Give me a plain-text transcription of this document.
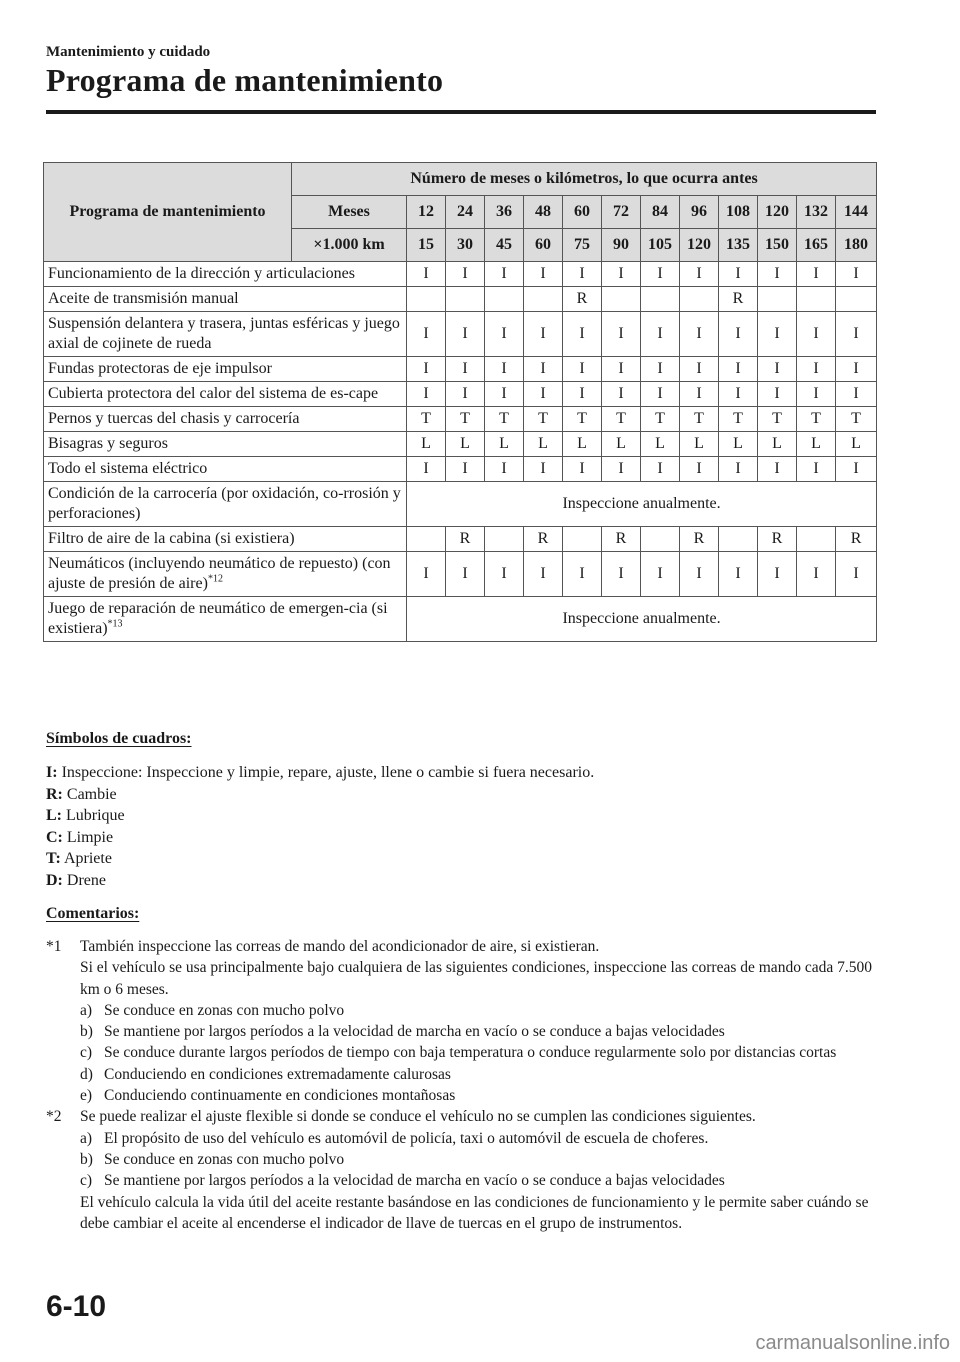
Mantenimiento y cuidado
Programa de mantenimiento
Programa de mantenimiento	Número de meses o kilómetros, lo que ocurra antes												
	Meses	12	24	36	48	60	72	84	96	108	120	132	144
	×1.000 km	15	30	45	60	75	90	105	120	135	150	165	180
Funcionamiento de la dirección y articulaciones		I	I	I	I	I	I	I	I	I	I	I	I
Aceite de transmisión manual						R				R			
Suspensión delantera y trasera, juntas esféricas y juego axial de cojinete de rueda		I	I	I	I	I	I	I	I	I	I	I	I
Fundas protectoras de eje impulsor		I	I	I	I	I	I	I	I	I	I	I	I
Cubierta protectora del calor del sistema de es-cape		I	I	I	I	I	I	I	I	I	I	I	I
Pernos y tuercas del chasis y carrocería		T	T	T	T	T	T	T	T	T	T	T	T
Bisagras y seguros		L	L	L	L	L	L	L	L	L	L	L	L
Todo el sistema eléctrico		I	I	I	I	I	I	I	I	I	I	I	I
Condición de la carrocería (por oxidación, co-rrosión y perforaciones)		Inspeccione anualmente.											
Filtro de aire de la cabina (si existiera)			R		R		R		R		R		R
Neumáticos (incluyendo neumático de repuesto) (con ajuste de presión de aire)$^{*12}$		I	I	I	I	I	I	I	I	I	I	I	I
Juego de reparación de neumático de emergen-cia (si existiera)$^{*13}$		Inspeccione anualmente.											
Símbolos de cuadros:
I: Inspeccione: Inspeccione y limpie, repare, ajuste, llene o cambie si fuera necesario.
R: Cambie
L: Lubrique
C: Limpie
T: Apriete
D: Drene
Comentarios:
*1 También inspeccione las correas de mando del acondicionador de aire, si existieran.
Si el vehículo se usa principalmente bajo cualquiera de las siguientes condiciones, inspeccione las correas de mando cada 7.500 km o 6 meses.
a) Se conduce en zonas con mucho polvo
b) Se mantiene por largos períodos a la velocidad de marcha en vacío o se conduce a bajas velocidades
c) Se conduce durante largos períodos de tiempo con baja temperatura o conduce regularmente solo por distancias cortas
d) Conduciendo en condiciones extremadamente calurosas
e) Conduciendo continuamente en condiciones montañosas
*2 Se puede realizar el ajuste flexible si donde se conduce el vehículo no se cumplen las condiciones siguientes.
a) El propósito de uso del vehículo es automóvil de policía, taxi o automóvil de escuela de choferes.
b) Se conduce en zonas con mucho polvo
c) Se mantiene por largos períodos a la velocidad de marcha en vacío o se conduce a bajas velocidades
El vehículo calcula la vida útil del aceite restante basándose en las condiciones de funcionamiento y le permite saber cuándo se debe cambiar el aceite al encenderse el indicador de llave de tuercas en el grupo de instrumentos.
6-10
carmanualsonline.info
